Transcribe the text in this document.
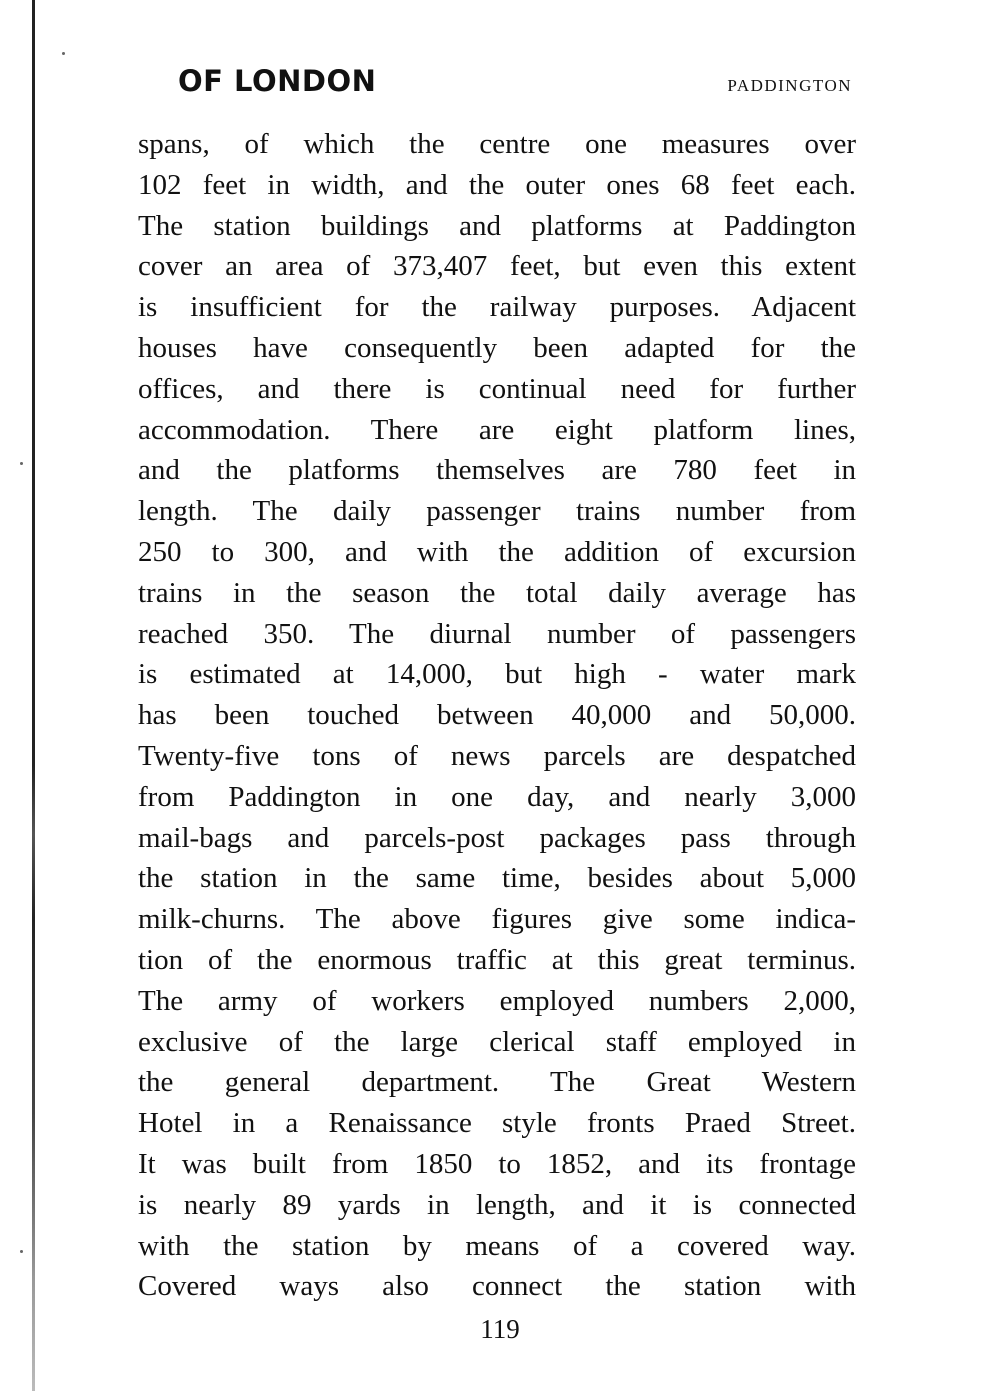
OF LONDON	PADDINGTON
spans, of which the centre one measures over
102 feet in width, and the outer ones 68 feet each.
The station buildings and platforms at Paddington
cover an area of 373,407 feet, but even this extent
is insufficient for the railway purposes. Adjacent
houses have consequently been adapted for the
offices, and there is continual need for further
accommodation. There are eight platform lines,
and the platforms themselves are 780 feet in
length. The daily passenger trains number from
250 to 300, and with the addition of excursion
trains in the season the total daily average has
reached 350. The diurnal number of passengers
is estimated at 14,000, but high - water mark
has been touched between 40,000 and 50,000.
Twenty-five tons of news parcels are despatched
from Paddington in one day, and nearly 3,000
mail-bags and parcels-post packages pass through
the station in the same time, besides about 5,000
milk-churns. The above figures give some indica-
tion of the enormous traffic at this great terminus.
The army of workers employed numbers 2,000,
exclusive of the large clerical staff employed in
the general department. The Great Western
Hotel in a Renaissance style fronts Praed Street.
It was built from 1850 to 1852, and its frontage
is nearly 89 yards in length, and it is connected
with the station by means of a covered way.
Covered ways also connect the station with
119
